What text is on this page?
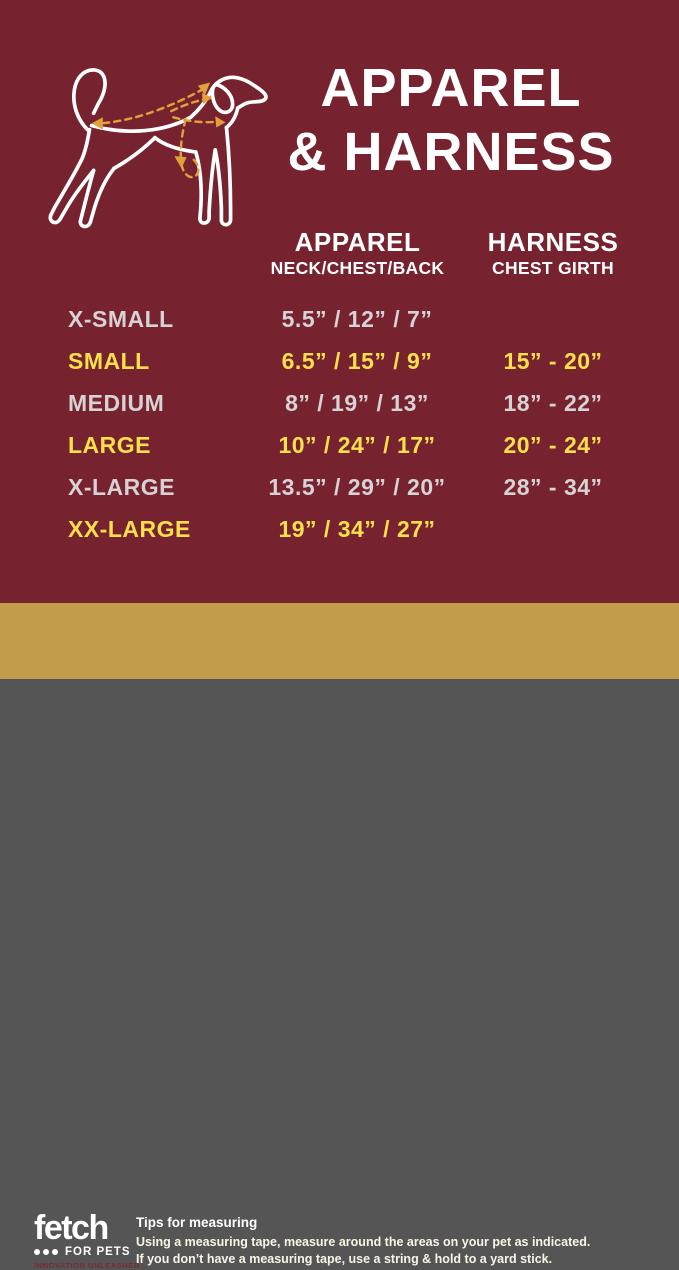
APPAREL
& HARNESS
APPAREL
NECK/CHEST/BACK
HARNESS
CHEST GIRTH
X-SMALL	5.5” / 12” / 7”
SMALL	6.5” / 15” / 9”	15” - 20”
MEDIUM	8” / 19” / 13”	18” - 22”
LARGE	10” / 24” / 17”	20” - 24”
X-LARGE	13.5” / 29” / 20”	28” - 34”
XX-LARGE	19” / 34” / 27”
fetch
FOR PETS
INNOVATION UNLEASHED
Tips for measuring
Using a measuring tape, measure around the areas on your pet as indicated.
If you don’t have a measuring tape, use a string & hold to a yard stick.
